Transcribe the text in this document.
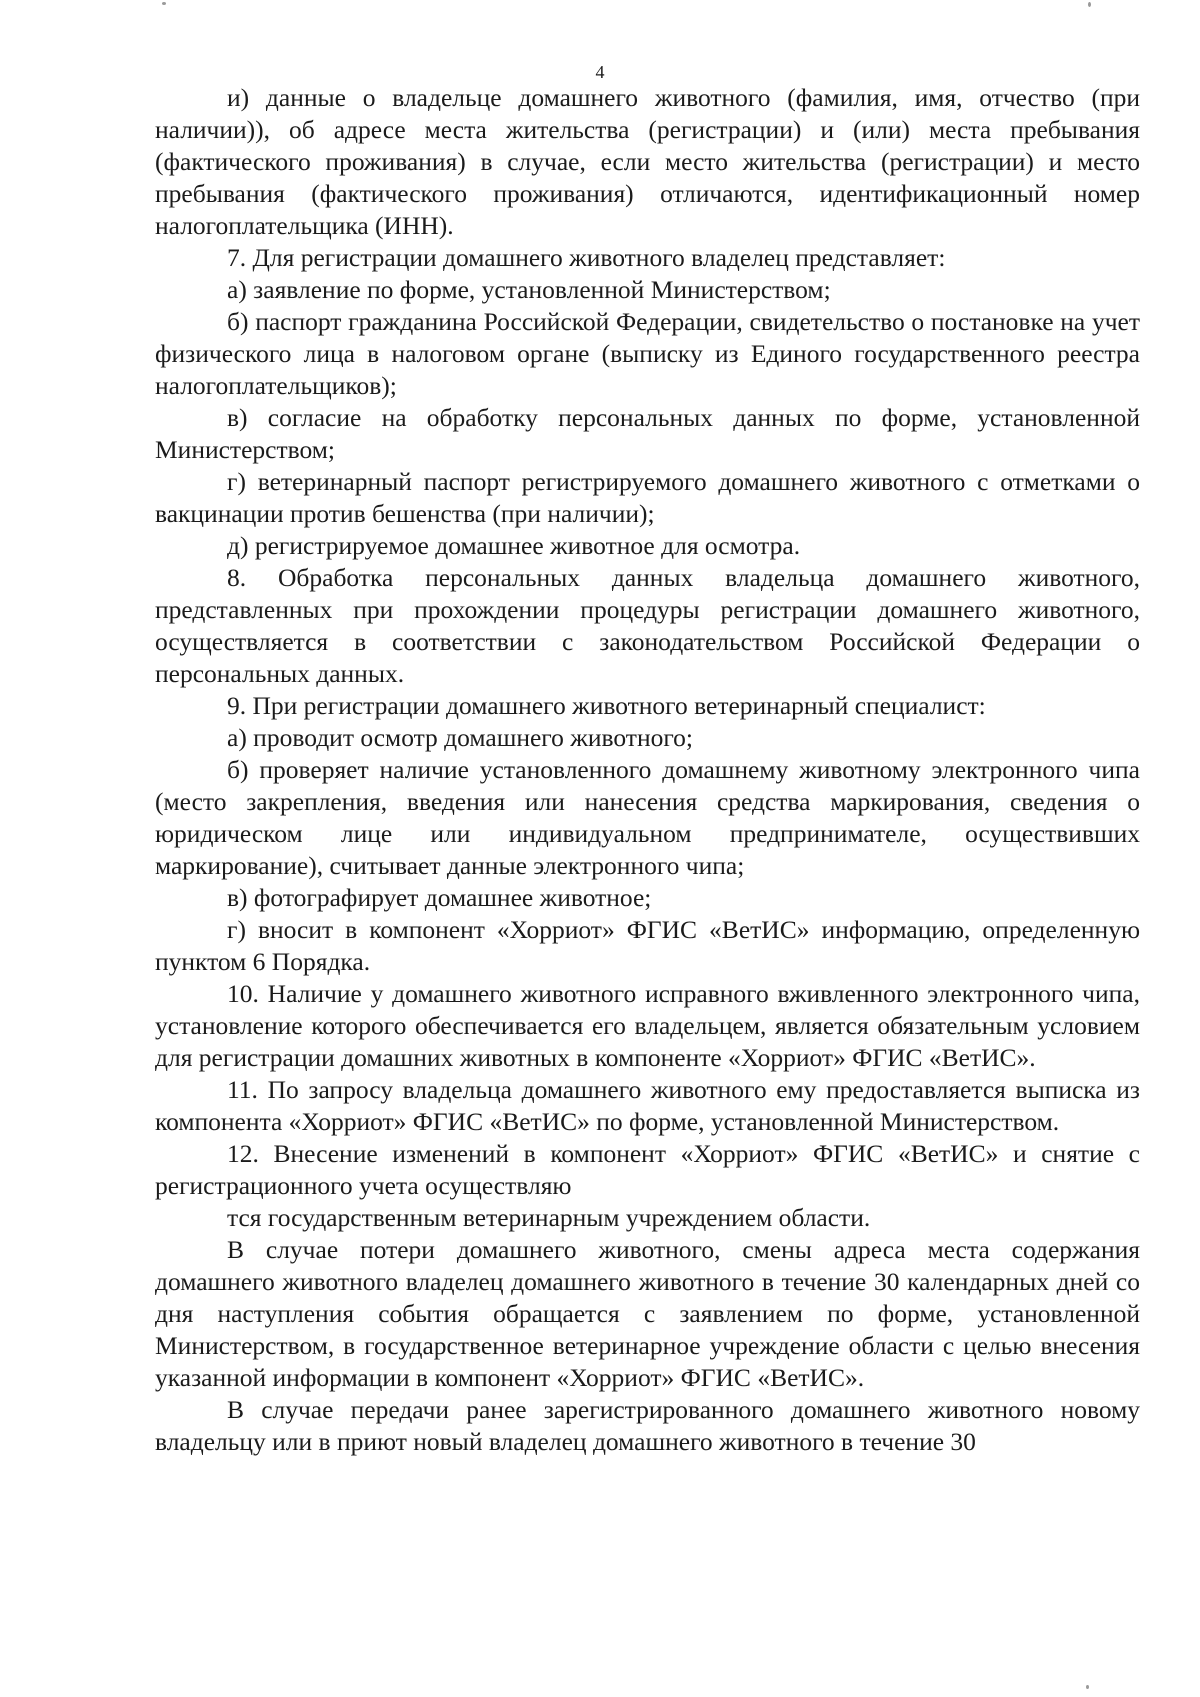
4

и) данные о владельце домашнего животного (фамилия, имя, отчество (при наличии)), об адресе места жительства (регистрации) и (или) места пребывания (фактического проживания) в случае, если место жительства (регистрации) и место пребывания (фактического проживания) отличаются, идентификационный номер налогоплательщика (ИНН).

7. Для регистрации домашнего животного владелец представляет:

а) заявление по форме, установленной Министерством;

б) паспорт гражданина Российской Федерации, свидетельство о постановке на учет физического лица в налоговом органе (выписку из Единого государственного реестра налогоплательщиков);

в) согласие на обработку персональных данных по форме, установленной Министерством;

г) ветеринарный паспорт регистрируемого домашнего животного с отметками о вакцинации против бешенства (при наличии);

д) регистрируемое домашнее животное для осмотра.

8. Обработка персональных данных владельца домашнего животного, представленных при прохождении процедуры регистрации домашнего животного, осуществляется в соответствии с законодательством Российской Федерации о персональных данных.

9. При регистрации домашнего животного ветеринарный специалист:

а) проводит осмотр домашнего животного;

б) проверяет наличие установленного домашнему животному электронного чипа (место закрепления, введения или нанесения средства маркирования, сведения о юридическом лице или индивидуальном предпринимателе, осуществивших маркирование), считывает данные электронного чипа;

в) фотографирует домашнее животное;

г) вносит в компонент «Хорриот» ФГИС «ВетИС» информацию, определенную пунктом 6 Порядка.

10. Наличие у домашнего животного исправного вживленного электронного чипа, установление которого обеспечивается его владельцем, является обязательным условием для регистрации домашних животных в компоненте «Хорриот» ФГИС «ВетИС».

11. По запросу владельца домашнего животного ему предоставляется выписка из компонента «Хорриот» ФГИС «ВетИС» по форме, установленной Министерством.

12. Внесение изменений в компонент «Хорриот» ФГИС «ВетИС» и снятие с регистрационного учета осуществляю

тся государственным ветеринарным учреждением области.

В случае потери домашнего животного, смены адреса места содержания домашнего животного владелец домашнего животного в течение 30 календарных дней со дня наступления события обращается с заявлением по форме, установленной Министерством, в государственное ветеринарное учреждение области с целью внесения указанной информации в компонент «Хорриот» ФГИС «ВетИС».

В случае передачи ранее зарегистрированного домашнего животного новому владельцу или в приют новый владелец домашнего животного в течение 30
